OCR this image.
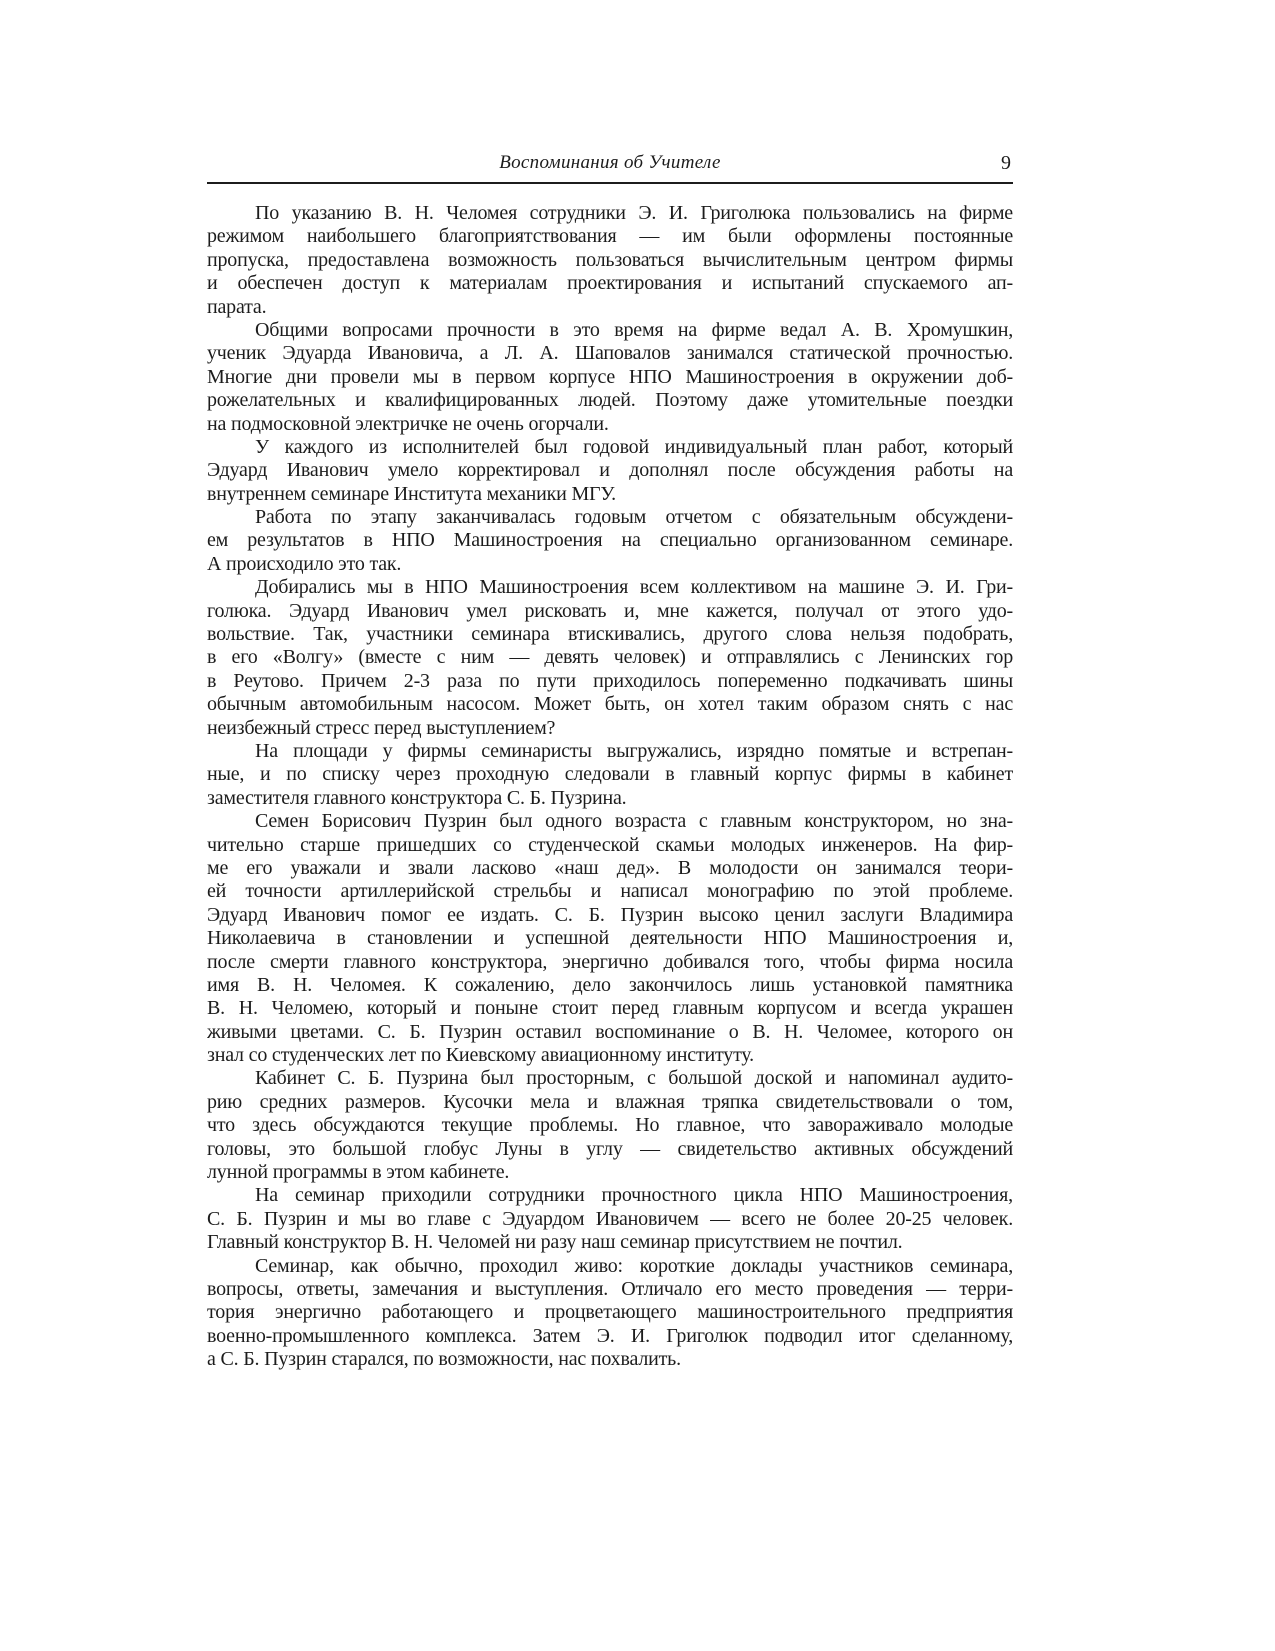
Воспоминания об Учителе	9
По указанию В. Н. Челомея сотрудники Э. И. Григолюка пользовались на фирме
режимом наибольшего благоприятствования — им были оформлены постоянные
пропуска, предоставлена возможность пользоваться вычислительным центром фирмы
и обеспечен доступ к материалам проектирования и испытаний спускаемого ап-
парата.
Общими вопросами прочности в это время на фирме ведал А. В. Хромушкин,
ученик Эдуарда Ивановича, а Л. А. Шаповалов занимался статической прочностью.
Многие дни провели мы в первом корпусе НПО Машиностроения в окружении доб-
рожелательных и квалифицированных людей. Поэтому даже утомительные поездки
на подмосковной электричке не очень огорчали.
У каждого из исполнителей был годовой индивидуальный план работ, который
Эдуард Иванович умело корректировал и дополнял после обсуждения работы на
внутреннем семинаре Института механики МГУ.
Работа по этапу заканчивалась годовым отчетом с обязательным обсуждени-
ем результатов в НПО Машиностроения на специально организованном семинаре.
А происходило это так.
Добирались мы в НПО Машиностроения всем коллективом на машине Э. И. Гри-
голюка. Эдуард Иванович умел рисковать и, мне кажется, получал от этого удо-
вольствие. Так, участники семинара втискивались, другого слова нельзя подобрать,
в его «Волгу» (вместе с ним — девять человек) и отправлялись с Ленинских гор
в Реутово. Причем 2-3 раза по пути приходилось попеременно подкачивать шины
обычным автомобильным насосом. Может быть, он хотел таким образом снять с нас
неизбежный стресс перед выступлением?
На площади у фирмы семинаристы выгружались, изрядно помятые и встрепан-
ные, и по списку через проходную следовали в главный корпус фирмы в кабинет
заместителя главного конструктора С. Б. Пузрина.
Семен Борисович Пузрин был одного возраста с главным конструктором, но зна-
чительно старше пришедших со студенческой скамьи молодых инженеров. На фир-
ме его уважали и звали ласково «наш дед». В молодости он занимался теори-
ей точности артиллерийской стрельбы и написал монографию по этой проблеме.
Эдуард Иванович помог ее издать. С. Б. Пузрин высоко ценил заслуги Владимира
Николаевича в становлении и успешной деятельности НПО Машиностроения и,
после смерти главного конструктора, энергично добивался того, чтобы фирма носила
имя В. Н. Челомея. К сожалению, дело закончилось лишь установкой памятника
В. Н. Челомею, который и поныне стоит перед главным корпусом и всегда украшен
живыми цветами. С. Б. Пузрин оставил воспоминание о В. Н. Челомее, которого он
знал со студенческих лет по Киевскому авиационному институту.
Кабинет С. Б. Пузрина был просторным, с большой доской и напоминал аудито-
рию средних размеров. Кусочки мела и влажная тряпка свидетельствовали о том,
что здесь обсуждаются текущие проблемы. Но главное, что завораживало молодые
головы, это большой глобус Луны в углу — свидетельство активных обсуждений
лунной программы в этом кабинете.
На семинар приходили сотрудники прочностного цикла НПО Машиностроения,
С. Б. Пузрин и мы во главе с Эдуардом Ивановичем — всего не более 20-25 человек.
Главный конструктор В. Н. Челомей ни разу наш семинар присутствием не почтил.
Семинар, как обычно, проходил живо: короткие доклады участников семинара,
вопросы, ответы, замечания и выступления. Отличало его место проведения — терри-
тория энергично работающего и процветающего машиностроительного предприятия
военно-промышленного комплекса. Затем Э. И. Григолюк подводил итог сделанному,
а С. Б. Пузрин старался, по возможности, нас похвалить.
